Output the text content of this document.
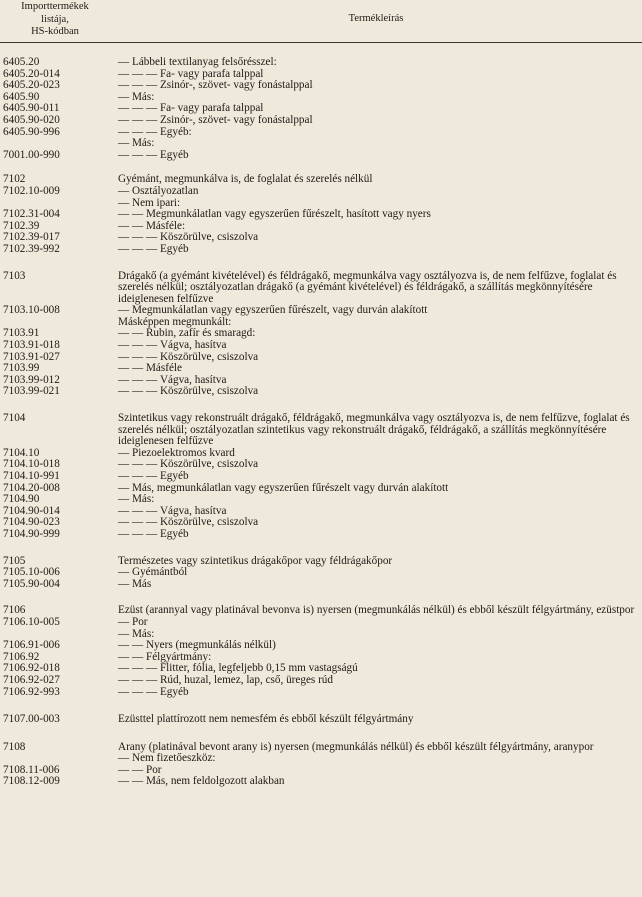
Importtermékek
listája,
HS-kódban
Termékleírás
6405.20	— Lábbeli textilanyag felsőrésszel:
6405.20-014	— — — Fa- vagy parafa talppal
6405.20-023	— — — Zsinór-, szövet- vagy fonástalppal
6405.90	— Más:
6405.90-011	— — — Fa- vagy parafa talppal
6405.90-020	— — — Zsinór-, szövet- vagy fonástalppal
6405.90-996	— — — Egyéb:
— Más:
7001.00-990	— — — Egyéb
7102	Gyémánt, megmunkálva is, de foglalat és szerelés nélkül
7102.10-009	— Osztályozatlan
— Nem ipari:
7102.31-004	— — Megmunkálatlan vagy egyszerűen fűrészelt, hasított vagy nyers
7102.39	— — Másféle:
7102.39-017	— — — Köszörülve, csiszolva
7102.39-992	— — — Egyéb
7103	Drágakő (a gyémánt kivételével) és féldrágakő, megmunkálva vagy osztályozva is, de nem felfűzve, foglalat és szerelés nélkül; osztályozatlan drágakő (a gyémánt kivételével) és féldrágakő, a szállítás megkönnyítésére ideiglenesen felfűzve
7103.10-008	— Megmunkálatlan vagy egyszerűen fűrészelt, vagy durván alakított
Másképpen megmunkált:
7103.91	— — Rubin, zafír és smaragd:
7103.91-018	— — — Vágva, hasítva
7103.91-027	— — — Köszörülve, csiszolva
7103.99	— — Másféle
7103.99-012	— — — Vágva, hasítva
7103.99-021	— — — Köszörülve, csiszolva
7104	Szintetikus vagy rekonstruált drágakő, féldrágakő, megmunkálva vagy osztályozva is, de nem felfűzve, foglalat és szerelés nélkül; osztályozatlan szintetikus vagy rekonstruált drágakő, féldrágakő, a szállítás megkönnyítésére ideiglenesen felfűzve
7104.10	— Piezoelektromos kvard
7104.10-018	— — — Köszörülve, csiszolva
7104.10-991	— — — Egyéb
7104.20-008	— Más, megmunkálatlan vagy egyszerűen fűrészelt vagy durván alakított
7104.90	— Más:
7104.90-014	— — — Vágva, hasítva
7104.90-023	— — — Köszörülve, csiszolva
7104.90-999	— — — Egyéb
7105	Természetes vagy szintetikus drágakőpor vagy féldrágakőpor
7105.10-006	— Gyémántból
7105.90-004	— Más
7106	Ezüst (arannyal vagy platinával bevonva is) nyersen (megmunkálás nélkül) és ebből készült félgyártmány, ezüstpor
7106.10-005	— Por
— Más:
7106.91-006	— — Nyers (megmunkálás nélkül)
7106.92	— — Félgyártmány:
7106.92-018	— — — Flitter, fólia, legfeljebb 0,15 mm vastagságú
7106.92-027	— — — Rúd, huzal, lemez, lap, cső, üreges rúd
7106.92-993	— — — Egyéb
7107.00-003	Ezüsttel plattírozott nem nemesfém és ebből készült félgyártmány
7108	Arany (platinával bevont arany is) nyersen (megmunkálás nélkül) és ebből készült félgyártmány, aranypor
— Nem fizetőeszköz:
7108.11-006	— — Por
7108.12-009	— — Más, nem feldolgozott alakban
